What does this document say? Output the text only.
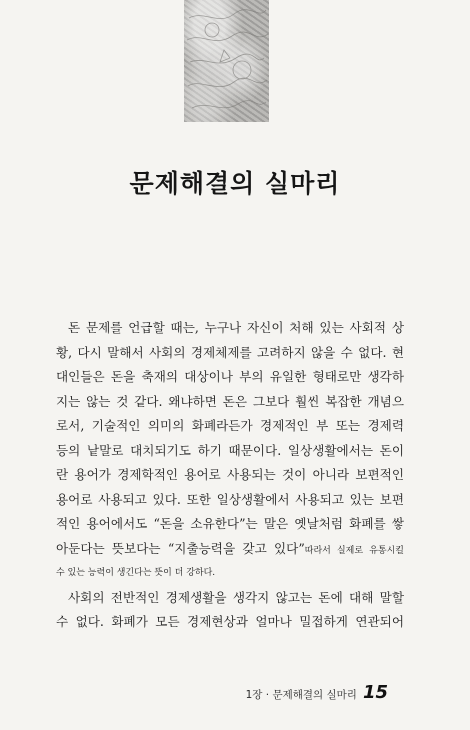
문제해결의 실마리
돈 문제를 언급할 때는, 누구나 자신이 처해 있는 사회적 상
황, 다시 말해서 사회의 경제체제를 고려하지 않을 수 없다. 현
대인들은 돈을 축재의 대상이나 부의 유일한 형태로만 생각하
지는 않는 것 같다. 왜냐하면 돈은 그보다 훨씬 복잡한 개념으
로서, 기술적인 의미의 화폐라든가 경제적인 부 또는 경제력
등의 낱말로 대치되기도 하기 때문이다. 일상생활에서는 돈이
란 용어가 경제학적인 용어로 사용되는 것이 아니라 보편적인
용어로 사용되고 있다. 또한 일상생활에서 사용되고 있는 보편
적인 용어에서도 “돈을 소유한다”는 말은 옛날처럼 화폐를 쌓
아둔다는 뜻보다는 “지출능력을 갖고 있다”따라서 실제로 유통시킬
수 있는 능력이 생긴다는 뜻이 더 강하다.
사회의 전반적인 경제생활을 생각지 않고는 돈에 대해 말할
수 없다. 화폐가 모든 경제현상과 얼마나 밀접하게 연관되어
1장 · 문제해결의 실마리 15
